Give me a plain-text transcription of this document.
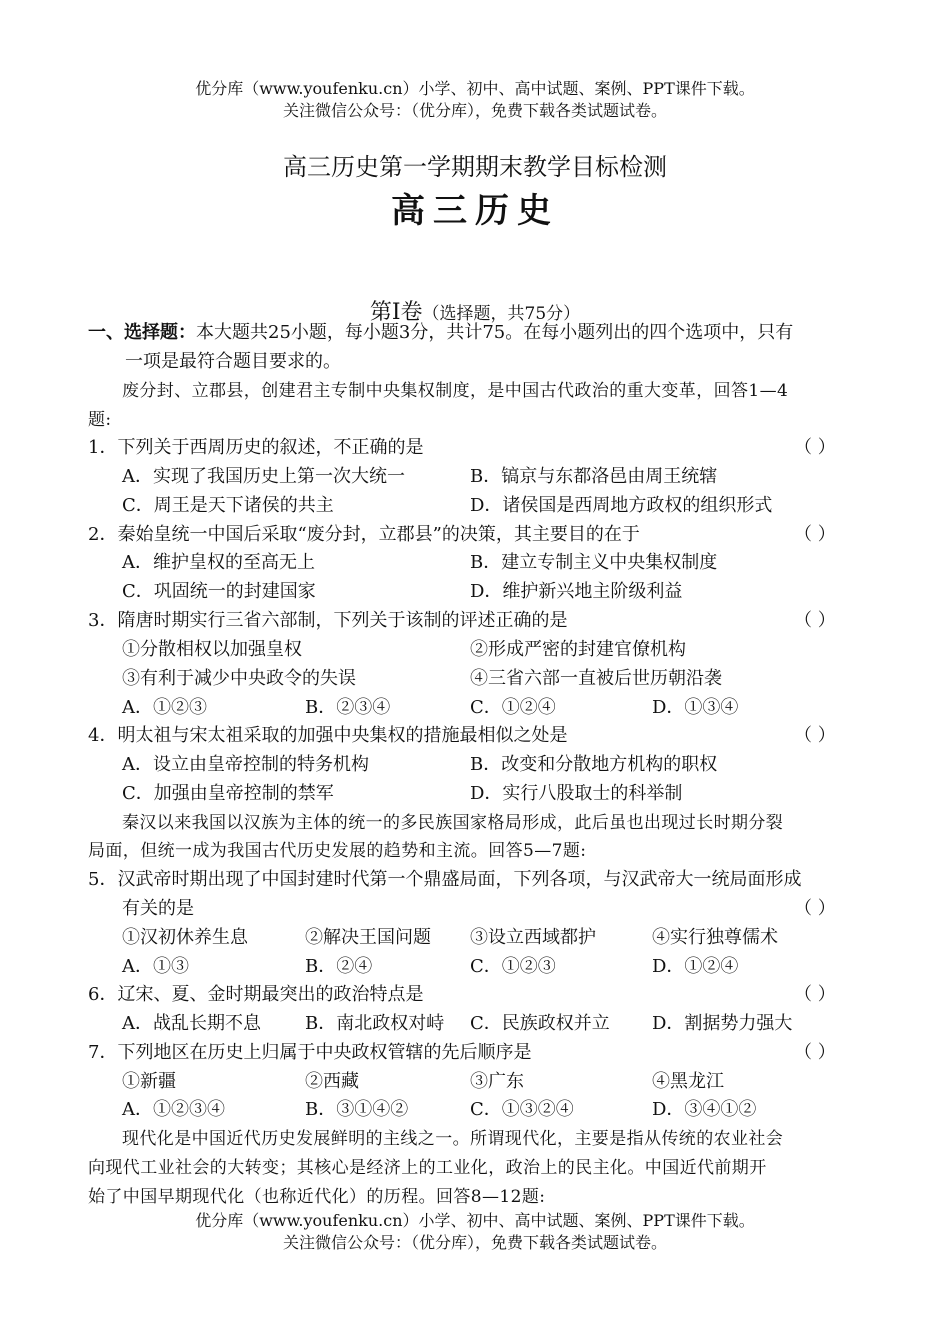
优分库（www.youfenku.cn）小学、初中、高中试题、案例、PPT课件下载。
关注微信公众号：（优分库），免费下载各类试题试卷。
高三历史第一学期期末教学目标检测
高三历史
第Ⅰ卷（选择题，共75分）
一、选择题：本大题共25小题，每小题3分，共计75。在每小题列出的四个选项中，只有
一项是最符合题目要求的。
废分封、立郡县，创建君主专制中央集权制度，是中国古代政治的重大变革，回答1—4
题:
1．下列关于西周历史的叙述，不正确的是	（ ）
A．实现了我国历史上第一次大统一	B．镐京与东都洛邑由周王统辖
C．周王是天下诸侯的共主	D．诸侯国是西周地方政权的组织形式
2．秦始皇统一中国后采取“废分封，立郡县”的决策，其主要目的在于	（ ）
A．维护皇权的至高无上	B．建立专制主义中央集权制度
C．巩固统一的封建国家	D．维护新兴地主阶级利益
3．隋唐时期实行三省六部制，下列关于该制的评述正确的是	（ ）
①分散相权以加强皇权	②形成严密的封建官僚机构
③有利于减少中央政令的失误	④三省六部一直被后世历朝沿袭
A．①②③	B．②③④	C．①②④	D．①③④
4．明太祖与宋太祖采取的加强中央集权的措施最相似之处是	（ ）
A．设立由皇帝控制的特务机构	B．改变和分散地方机构的职权
C．加强由皇帝控制的禁军	D．实行八股取士的科举制
秦汉以来我国以汉族为主体的统一的多民族国家格局形成，此后虽也出现过长时期分裂
局面，但统一成为我国古代历史发展的趋势和主流。回答5—7题:
5．汉武帝时期出现了中国封建时代第一个鼎盛局面，下列各项，与汉武帝大一统局面形成
有关的是	（ ）
①汉初休养生息	②解决王国问题 ③设立西域都护	④实行独尊儒术
A．①③	B．②④	C．①②③	D．①②④
6．辽宋、夏、金时期最突出的政治特点是	（ ）
A．战乱长期不息 B．南北政权对峙 C．民族政权并立 D．割据势力强大
7．下列地区在历史上归属于中央政权管辖的先后顺序是	（ ）
①新疆	②西藏	③广东	④黑龙江
A．①②③④	B．③①④②	C．①③②④	D．③④①②
现代化是中国近代历史发展鲜明的主线之一。所谓现代化，主要是指从传统的农业社会
向现代工业社会的大转变；其核心是经济上的工业化，政治上的民主化。中国近代前期开
始了中国早期现代化（也称近代化）的历程。回答8—12题:
优分库（www.youfenku.cn）小学、初中、高中试题、案例、PPT课件下载。
关注微信公众号：（优分库），免费下载各类试题试卷。
